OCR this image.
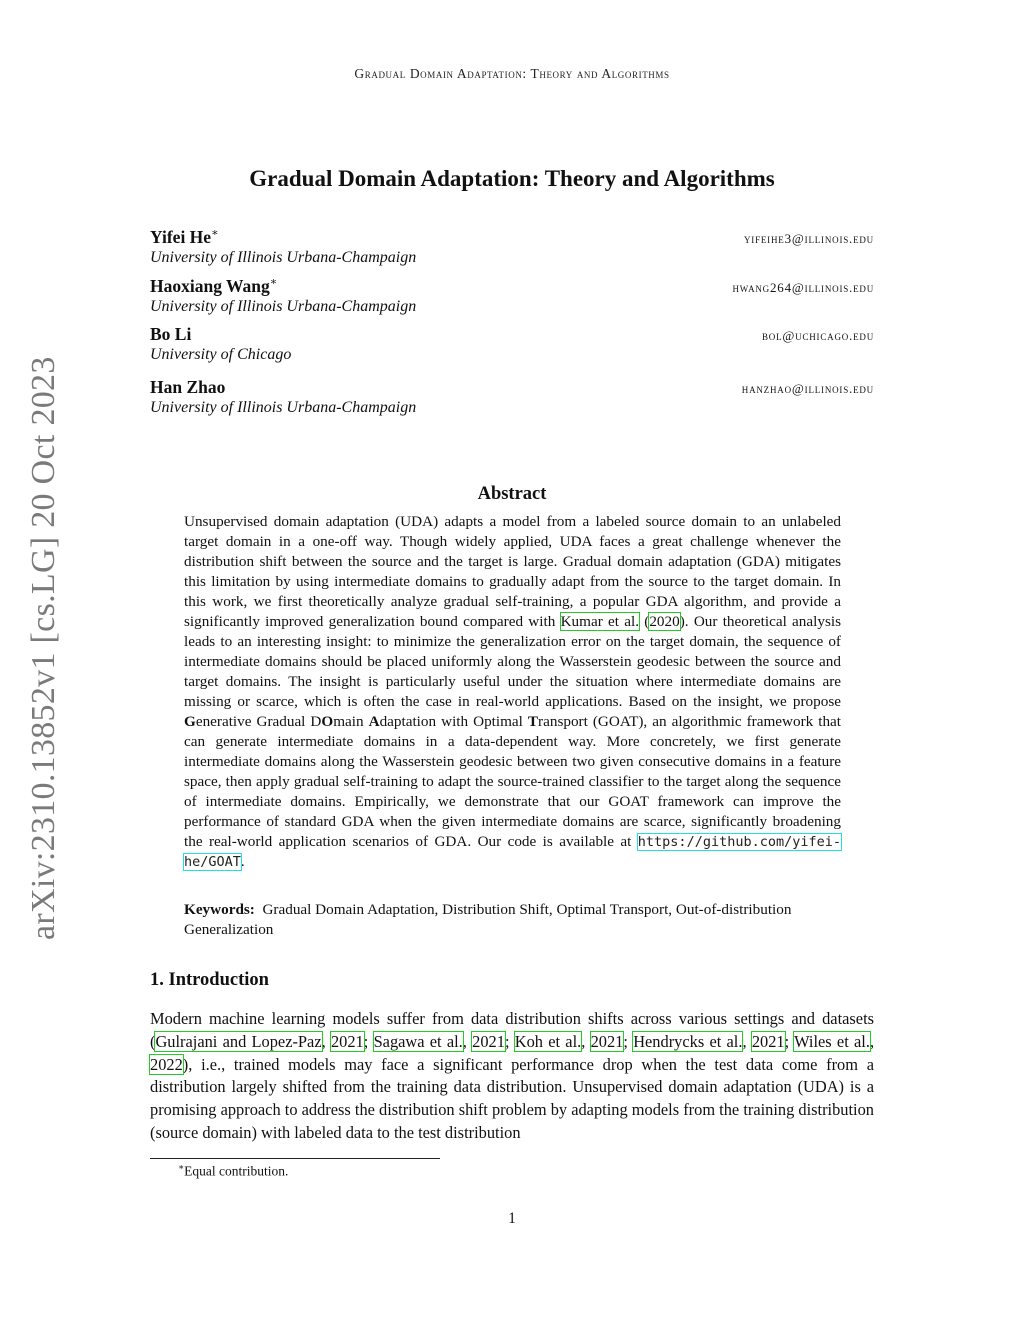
Gradual Domain Adaptation: Theory and Algorithms
arXiv:2310.13852v1 [cs.LG] 20 Oct 2023
Gradual Domain Adaptation: Theory and Algorithms
Yifei He∗	yifeihe3@illinois.edu
University of Illinois Urbana-Champaign
Haoxiang Wang∗	hwang264@illinois.edu
University of Illinois Urbana-Champaign
Bo Li	bol@uchicago.edu
University of Chicago
Han Zhao	hanzhao@illinois.edu
University of Illinois Urbana-Champaign
Abstract

Unsupervised domain adaptation (UDA) adapts a model from a labeled source domain to an unlabeled target domain in a one-off way. Though widely applied, UDA faces a great challenge whenever the distribution shift between the source and the target is large. Gradual domain adaptation (GDA) mitigates this limitation by using intermediate domains to gradually adapt from the source to the target domain. In this work, we first theoretically analyze gradual self-training, a popular GDA algorithm, and provide a significantly improved generalization bound compared with Kumar et al. (2020). Our theoretical analysis leads to an interesting insight: to minimize the generalization error on the target domain, the sequence of intermediate domains should be placed uniformly along the Wasserstein geodesic between the source and target domains. The insight is particularly useful under the situation where intermediate domains are missing or scarce, which is often the case in real-world applications. Based on the insight, we propose Generative Gradual DOmain Adaptation with Optimal Transport (GOAT), an algorithmic framework that can generate intermediate domains in a data-dependent way. More concretely, we first generate intermediate domains along the Wasserstein geodesic between two given consecutive domains in a feature space, then apply gradual self-training to adapt the source-trained classifier to the target along the sequence of intermediate domains. Empirically, we demonstrate that our GOAT framework can improve the performance of standard GDA when the given intermediate domains are scarce, significantly broadening the real-world application scenarios of GDA. Our code is available at https://github.com/yifei-he/GOAT.

Keywords: Gradual Domain Adaptation, Distribution Shift, Optimal Transport, Out-of-distribution Generalization

1. Introduction

Modern machine learning models suffer from data distribution shifts across various settings and datasets (Gulrajani and Lopez-Paz, 2021; Sagawa et al., 2021; Koh et al., 2021; Hendrycks et al., 2021; Wiles et al., 2022), i.e., trained models may face a significant performance drop when the test data come from a distribution largely shifted from the training data distribution. Unsupervised domain adaptation (UDA) is a promising approach to address the distribution shift problem by adapting models from the training distribution (source domain) with labeled data to the test distribution

∗Equal contribution.
1
